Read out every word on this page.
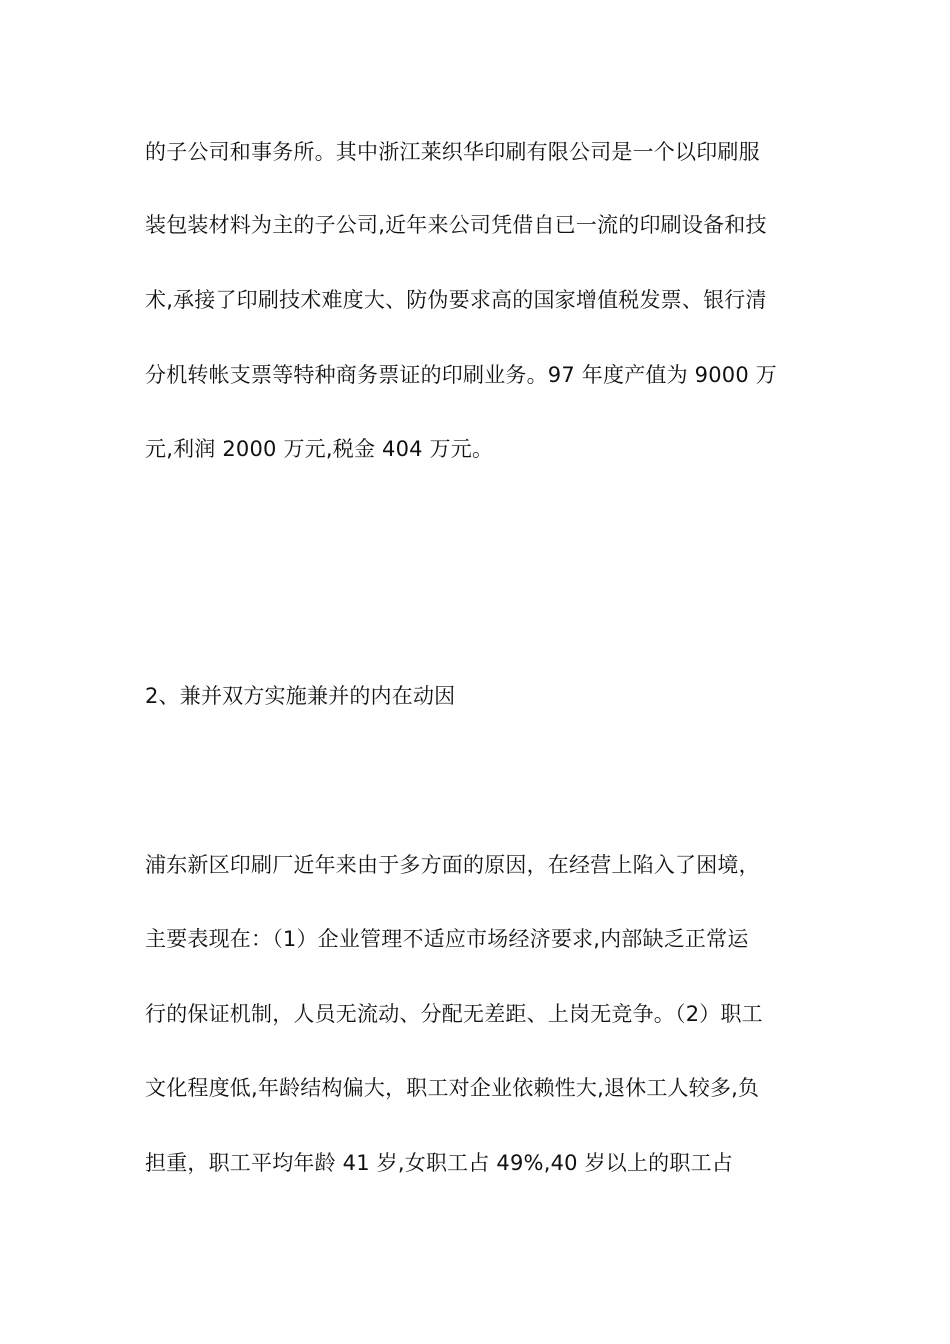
的子公司和事务所。其中浙江莱织华印刷有限公司是一个以印刷服
装包装材料为主的子公司,近年来公司凭借自已一流的印刷设备和技
术,承接了印刷技术难度大、防伪要求高的国家增值税发票、银行清
分机转帐支票等特种商务票证的印刷业务。97 年度产值为 9000 万
元,利润 2000 万元,税金 404 万元。
2、兼并双方实施兼并的内在动因
浦东新区印刷厂近年来由于多方面的原因，在经营上陷入了困境，
主要表现在：（1）企业管理不适应市场经济要求,内部缺乏正常运
行的保证机制，人员无流动、分配无差距、上岗无竞争。（2）职工
文化程度低,年龄结构偏大，职工对企业依赖性大,退休工人较多,负
担重，职工平均年龄 41 岁,女职工占 49%,40 岁以上的职工占
